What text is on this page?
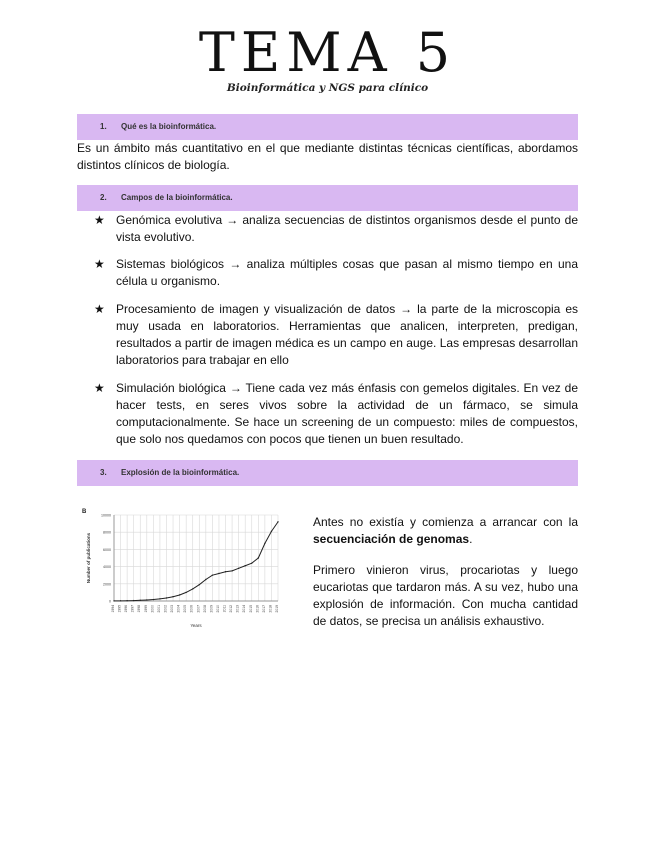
TEMA 5
Bioinformática y NGS para clínico
1. Qué es la bioinformática.
Es un ámbito más cuantitativo en el que mediante distintas técnicas científicas, abordamos distintos clínicos de biología.
2. Campos de la bioinformática.
★ Genómica evolutiva → analiza secuencias de distintos organismos desde el punto de vista evolutivo.
★ Sistemas biológicos → analiza múltiples cosas que pasan al mismo tiempo en una célula u organismo.
★ Procesamiento de imagen y visualización de datos → la parte de la microscopia es muy usada en laboratorios. Herramientas que analicen, interpreten, predigan, resultados a partir de imagen médica es un campo en auge. Las empresas desarrollan laboratorios para trabajar en ello
★ Simulación biológica → Tiene cada vez más énfasis con gemelos digitales. En vez de hacer tests, en seres vivos sobre la actividad de un fármaco, se simula computacionalmente. Se hace un screening de un compuesto: miles de compuestos, que solo nos quedamos con pocos que tienen un buen resultado.
3. Explosión de la bioinformática.
0
2000
4000
6000
8000
10000
1994 1995 1996 1997 1998 1999 2000 2001 2002 2003 2004 2005 2006 2007 2008 2009 2010 2011 2012 2013 2014 2015 2016 2017 2018 2019
Years
Number of publications
B
Antes no existía y comienza a arrancar con la secuenciación de genomas.
Primero vinieron virus, procariotas y luego eucariotas que tardaron más. A su vez, hubo una explosión de información. Con mucha cantidad de datos, se precisa un análisis exhaustivo.
